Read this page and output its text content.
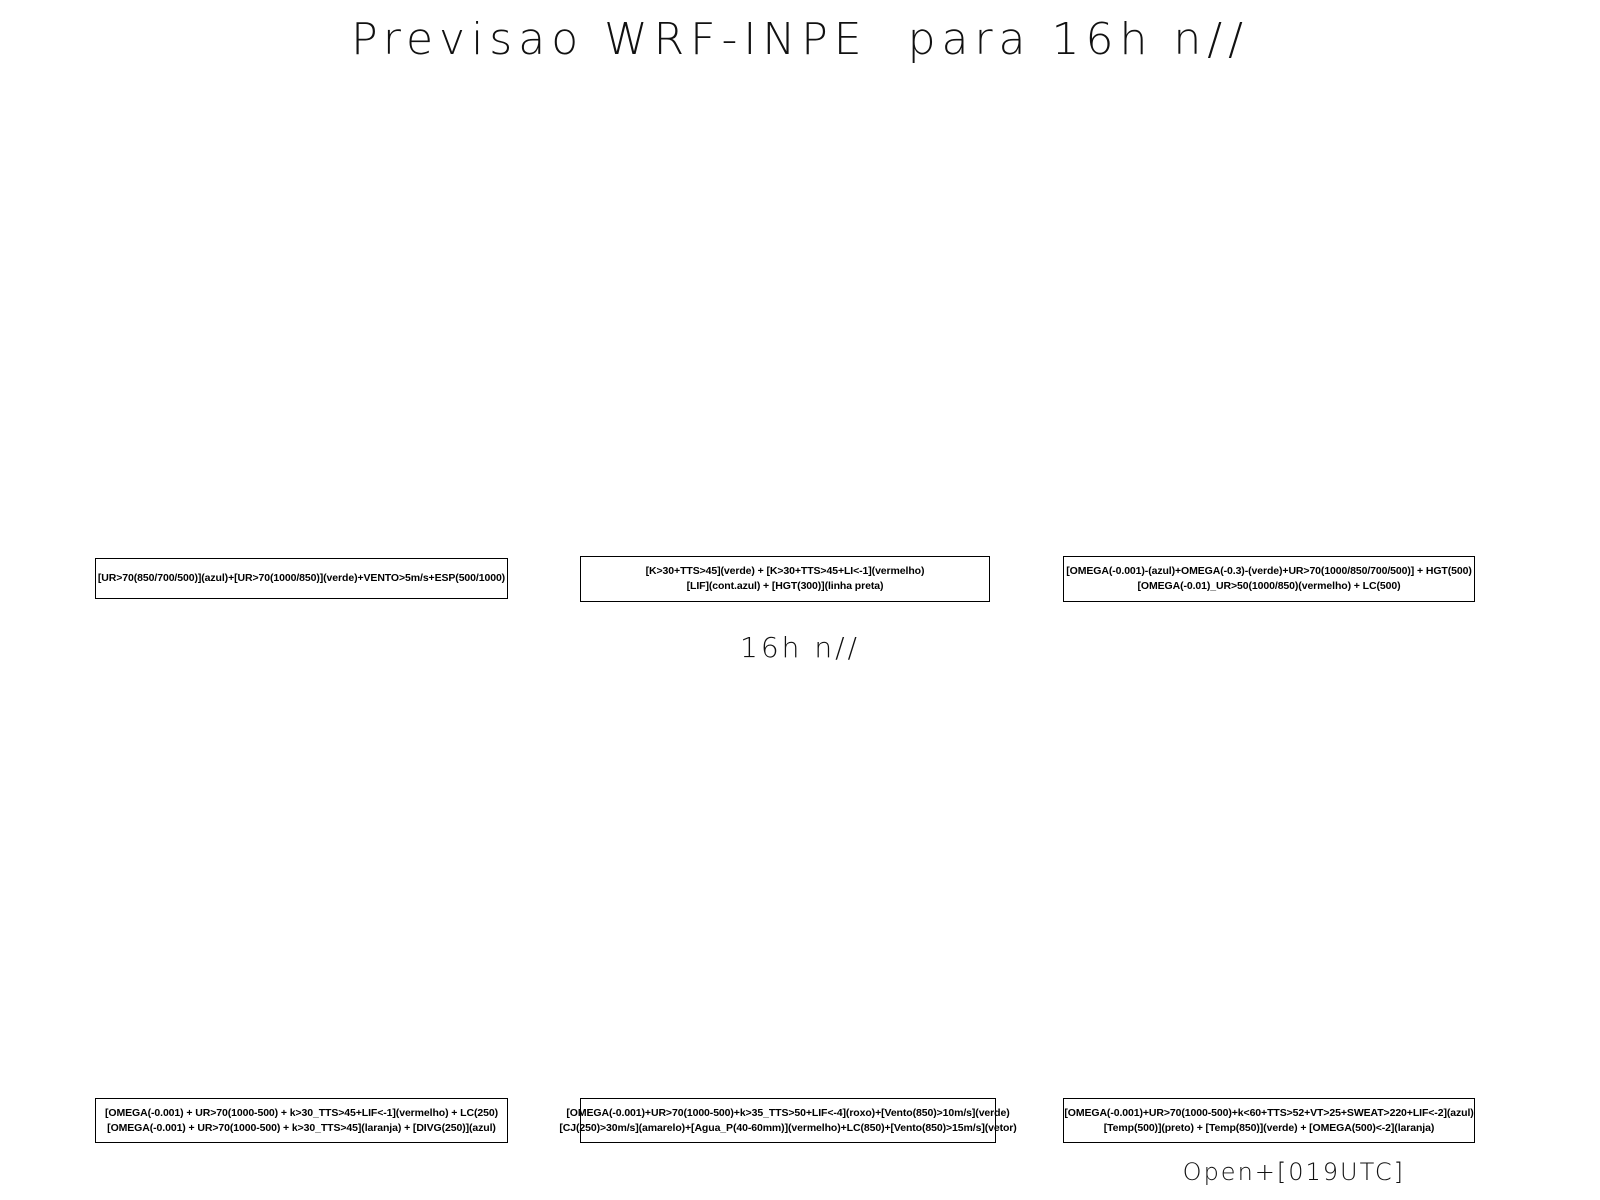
Previsao WRF-INPE  para 16h n//
16h n//
[UR>70(850/700/500)](azul)+[UR>70(1000/850)](verde)+VENTO>5m/s+ESP(500/1000)
[K>30+TTS>45](verde) + [K>30+TTS>45+LI<-1](vermelho)
[LIF](cont.azul) + [HGT(300)](linha preta)
[OMEGA(-0.001)-(azul)+OMEGA(-0.3)-(verde)+UR>70(1000/850/700/500)] + HGT(500)
[OMEGA(-0.01)_UR>50(1000/850)(vermelho) + LC(500)
[OMEGA(-0.001) + UR>70(1000-500) + k>30_TTS>45+LIF<-1](vermelho) + LC(250)
[OMEGA(-0.001) + UR>70(1000-500) + k>30_TTS>45](laranja) + [DIVG(250)](azul)
[OMEGA(-0.001)+UR>70(1000-500)+k>35_TTS>50+LIF<-4](roxo)+[Vento(850)>10m/s](verde)
[CJ(250)>30m/s](amarelo)+[Agua_P(40-60mm)](vermelho)+LC(850)+[Vento(850)>15m/s](vetor)
[OMEGA(-0.001)+UR>70(1000-500)+k<60+TTS>52+VT>25+SWEAT>220+LIF<-2](azul)
[Temp(500)](preto) + [Temp(850)](verde) + [OMEGA(500)<-2](laranja)
Open+[019UTC]
